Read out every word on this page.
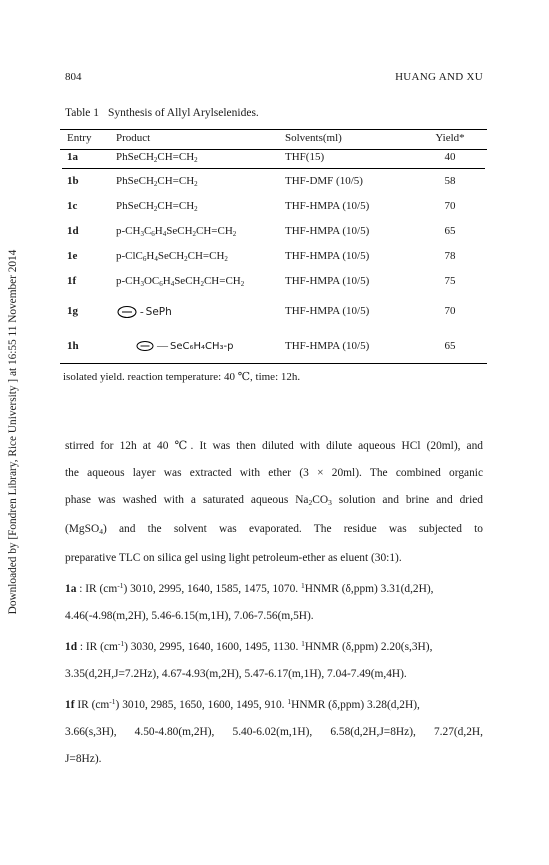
Downloaded by [Fondren Library, Rice University ] at 16:55 11 November 2014
804	HUANG AND XU
Table 1 Synthesis of Allyl Arylselenides.
Entry Product	Solvents(ml)	Yield*
1a	$PhSeCH_2CH=CH_2$	THF(15)	40
1b	$PhSeCH_2CH=CH_2$	THF-DMF (10/5)	58
1c	$PhSeCH_2CH=CH_2$	THF-HMPA (10/5)	70
1d	$p-CH_3C_6H_4SeCH_2CH=CH_2$	THF-HMPA (10/5)	65
1e	$p-ClC_6H_4SeCH_2CH=CH_2$	THF-HMPA (10/5)	78
1f	$p-CH_3OC_6H_4SeCH_2CH=CH_2$	THF-HMPA (10/5)	75
1g	- SePh	THF-HMPA (10/5)	70
1h	— SeC₆H₄CH₃-p	THF-HMPA (10/5)	65
isolated yield. reaction temperature: 40 ℃, time: 12h.

stirred for 12h at 40 ℃. It was then diluted with dilute aqueous HCl (20ml), and

the aqueous layer was extracted with ether (3 × 20ml). The combined organic

phase was washed with a saturated aqueous $Na_2CO_3$ solution and brine and dried

(MgSO$_4$) and the solvent was evaporated. The residue was subjected to

preparative TLC on silica gel using light petroleum-ether as eluent (30:1).

1a : IR $(cm^{-1})$ 3010, 2995, 1640, 1585, 1475, 1070. $^1$HNMR (δ,ppm) 3.31(d,2H),

4.46(-4.98(m,2H), 5.46-6.15(m,1H), 7.06-7.56(m,5H).

1d : IR $(cm^{-1})$ 3030, 2995, 1640, 1600, 1495, 1130. $^1$HNMR (δ,ppm) 2.20(s,3H),

3.35(d,2H,J=7.2Hz), 4.67-4.93(m,2H), 5.47-6.17(m,1H), 7.04-7.49(m,4H).

1f IR $(cm^{-1})$ 3010, 2985, 1650, 1600, 1495, 910. $^1$HNMR (δ,ppm) 3.28(d,2H),

3.66(s,3H), 4.50-4.80(m,2H), 5.40-6.02(m,1H), 6.58(d,2H,J=8Hz), 7.27(d,2H,

J=8Hz).
